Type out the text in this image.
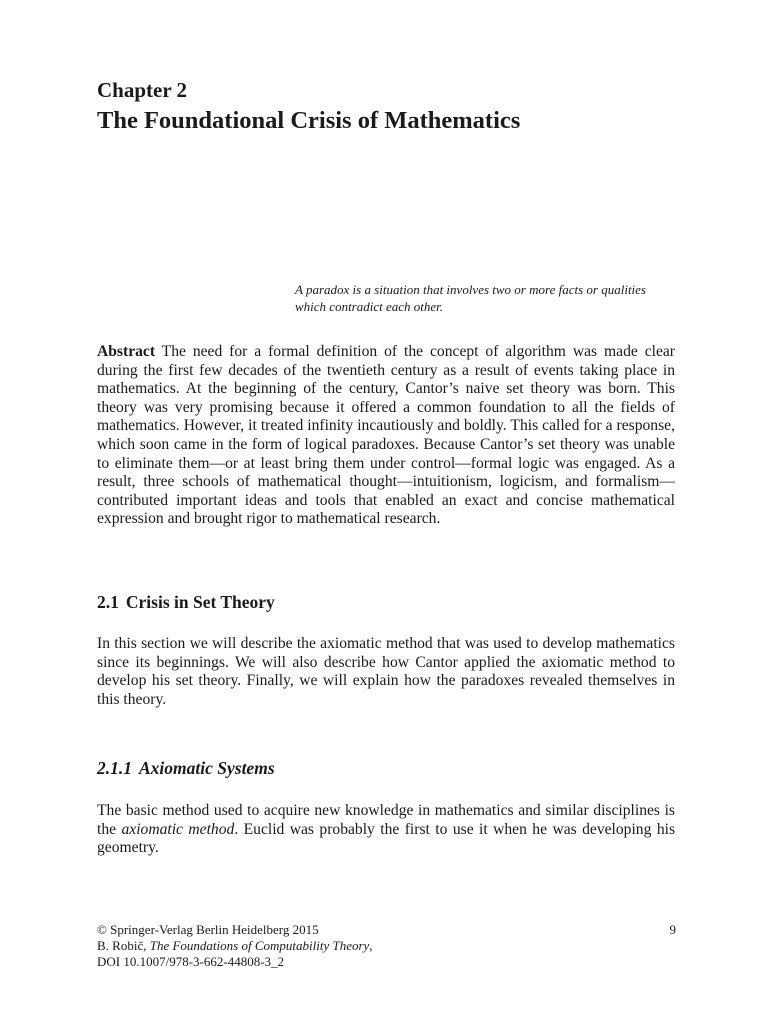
Chapter 2
The Foundational Crisis of Mathematics
A paradox is a situation that involves two or more facts or qualities which contradict each other.

Abstract The need for a formal definition of the concept of algorithm was made clear during the first few decades of the twentieth century as a result of events taking place in mathematics. At the beginning of the century, Cantor’s naive set theory was born. This theory was very promising because it offered a common foundation to all the fields of mathematics. However, it treated infinity incautiously and boldly. This called for a response, which soon came in the form of logical paradoxes. Because Cantor’s set theory was unable to eliminate them—or at least bring them under control—formal logic was engaged. As a result, three schools of mathematical thought—intuitionism, logicism, and formalism—contributed important ideas and tools that enabled an exact and concise mathematical expression and brought rigor to mathematical research.

2.1 Crisis in Set Theory

In this section we will describe the axiomatic method that was used to develop mathematics since its beginnings. We will also describe how Cantor applied the axiomatic method to develop his set theory. Finally, we will explain how the paradoxes revealed themselves in this theory.

2.1.1 Axiomatic Systems

The basic method used to acquire new knowledge in mathematics and similar disciplines is the axiomatic method. Euclid was probably the first to use it when he was developing his geometry.

© Springer-Verlag Berlin Heidelberg 2015
B. Robič, The Foundations of Computability Theory,
DOI 10.1007/978-3-662-44808-3_2
9
